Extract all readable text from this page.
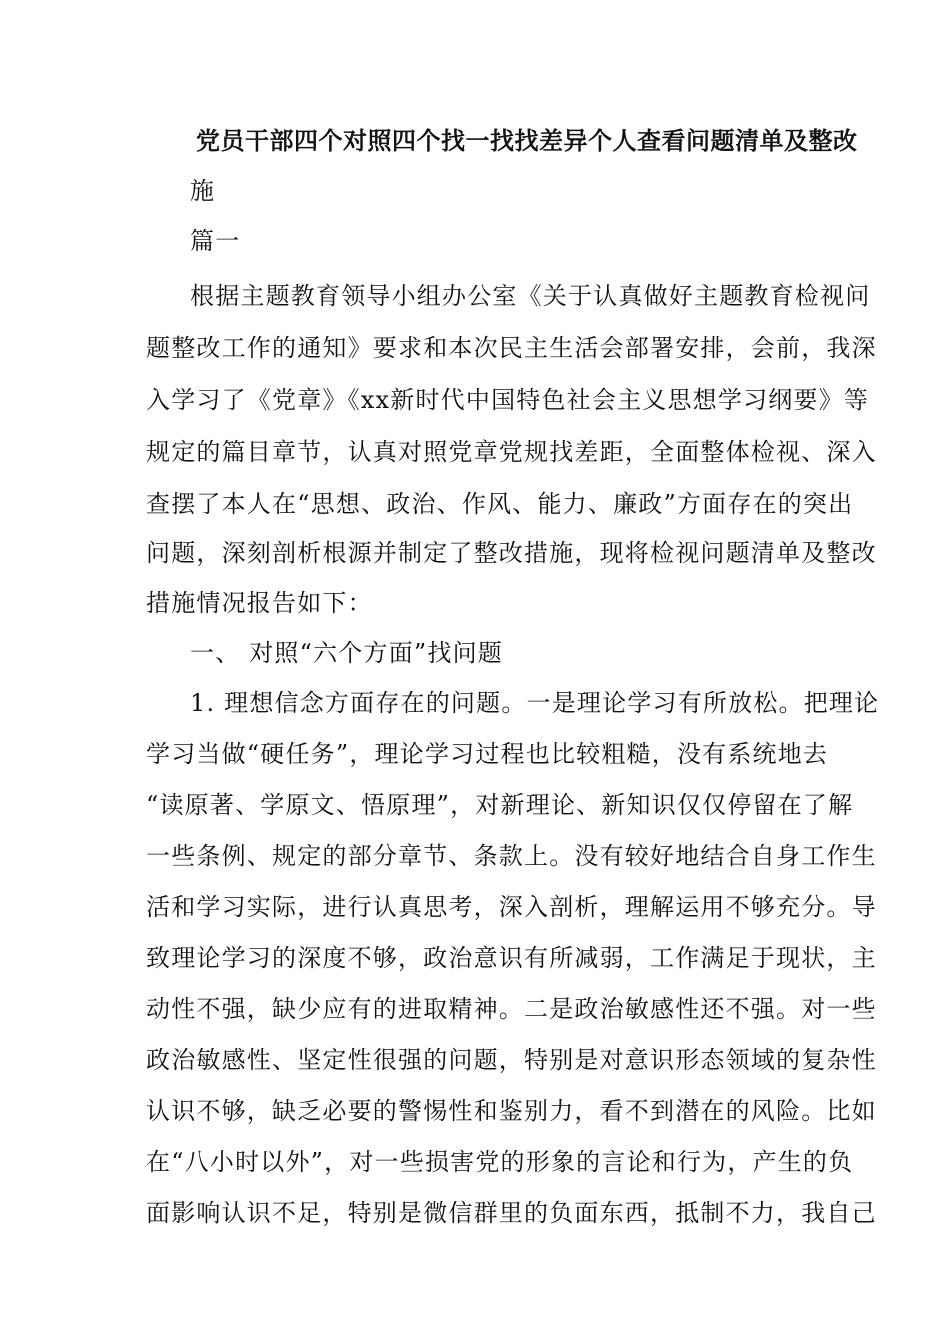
党员干部四个对照四个找一找找差异个人查看问题清单及整改
施
篇一
根据主题教育领导小组办公室《关于认真做好主题教育检视问
题整改工作的通知》要求和本次民主生活会部署安排，会前，我深
入学习了《党章》《xx新时代中国特色社会主义思想学习纲要》等
规定的篇目章节，认真对照党章党规找差距，全面整体检视、深入
查摆了本人在“思想、政治、作风、能力、廉政”方面存在的突出
问题，深刻剖析根源并制定了整改措施，现将检视问题清单及整改
措施情况报告如下：
一、 对照“六个方面”找问题
1. 理想信念方面存在的问题。一是理论学习有所放松。把理论
学习当做“硬任务”，理论学习过程也比较粗糙，没有系统地去
“读原著、学原文、悟原理”，对新理论、新知识仅仅停留在了解
一些条例、规定的部分章节、条款上。没有较好地结合自身工作生
活和学习实际，进行认真思考，深入剖析，理解运用不够充分。导
致理论学习的深度不够，政治意识有所减弱，工作满足于现状，主
动性不强，缺少应有的进取精神。二是政治敏感性还不强。对一些
政治敏感性、坚定性很强的问题，特别是对意识形态领域的复杂性
认识不够，缺乏必要的警惕性和鉴别力，看不到潜在的风险。比如
在“八小时以外”，对一些损害党的形象的言论和行为，产生的负
面影响认识不足，特别是微信群里的负面东西，抵制不力，我自己
